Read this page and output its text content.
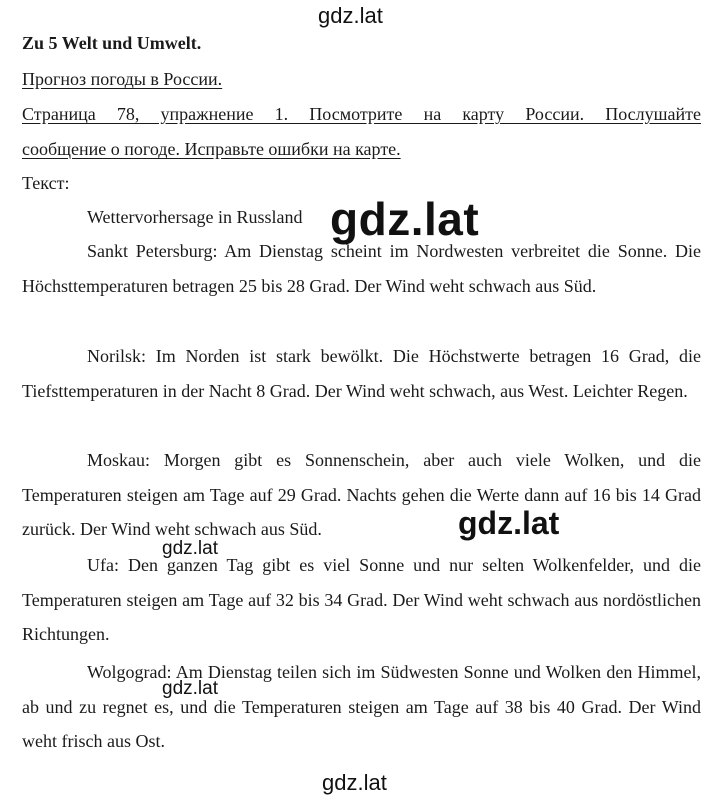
Zu 5 Welt und Umwelt.
Прогноз погоды в России.
Страница 78, упражнение 1. Посмотрите на карту России. Послушайте
сообщение о погоде. Исправьте ошибки на карте.
Текст:
Wettervorhersage in Russland
Sankt Petersburg: Am Dienstag scheint im Nordwesten verbreitet die Sonne. Die Höchsttemperaturen betragen 25 bis 28 Grad. Der Wind weht schwach aus Süd.
Norilsk: Im Norden ist stark bewölkt. Die Höchstwerte betragen 16 Grad, die Tiefsttemperaturen in der Nacht 8 Grad. Der Wind weht schwach, aus West. Leichter Regen.
Moskau: Morgen gibt es Sonnenschein, aber auch viele Wolken, und die Temperaturen steigen am Tage auf 29 Grad. Nachts gehen die Werte dann auf 16 bis 14 Grad zurück. Der Wind weht schwach aus Süd.
Ufa: Den ganzen Tag gibt es viel Sonne und nur selten Wolkenfelder, und die Temperaturen steigen am Tage auf 32 bis 34 Grad. Der Wind weht schwach aus nordöstlichen Richtungen.
Wolgograd: Am Dienstag teilen sich im Südwesten Sonne und Wolken den Himmel, ab und zu regnet es, und die Temperaturen steigen am Tage auf 38 bis 40 Grad. Der Wind weht frisch aus Ost.
gdz.lat
gdz.lat
gdz.lat
gdz.lat
gdz.lat
gdz.lat
